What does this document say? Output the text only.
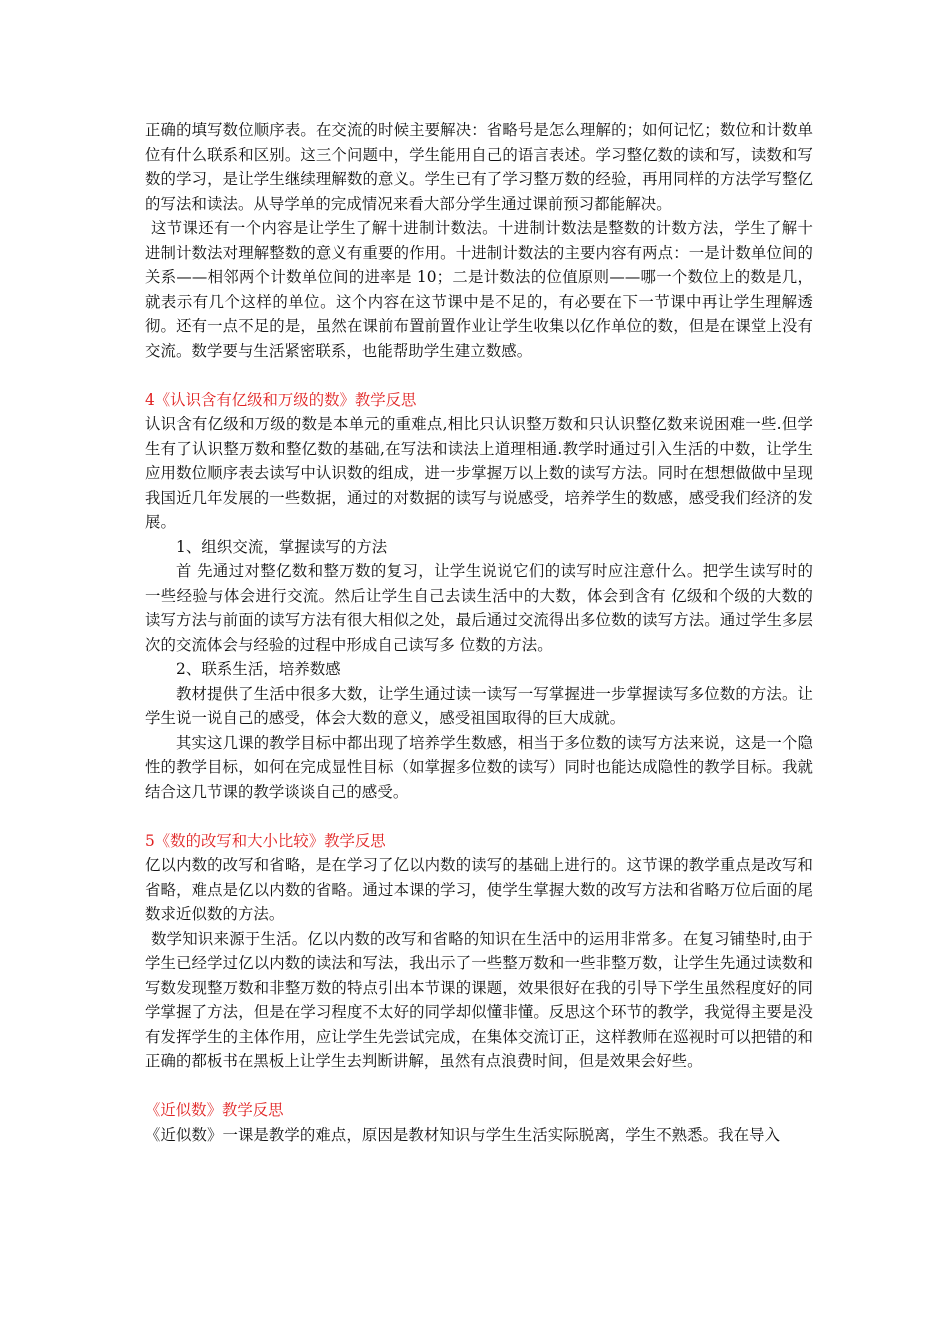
正确的填写数位顺序表。在交流的时候主要解决：省略号是怎么理解的；如何记忆；数位和计数单位有什么联系和区别。这三个问题中，学生能用自己的语言表述。学习整亿数的读和写，读数和写数的学习，是让学生继续理解数的意义。学生已有了学习整万数的经验，再用同样的方法学写整亿的写法和读法。从导学单的完成情况来看大部分学生通过课前预习都能解决。

这节课还有一个内容是让学生了解十进制计数法。十进制计数法是整数的计数方法，学生了解十进制计数法对理解整数的意义有重要的作用。十进制计数法的主要内容有两点：一是计数单位间的关系——相邻两个计数单位间的进率是 10；二是计数法的位值原则——哪一个数位上的数是几，就表示有几个这样的单位。这个内容在这节课中是不足的，有必要在下一节课中再让学生理解透彻。还有一点不足的是，虽然在课前布置前置作业让学生收集以亿作单位的数，但是在课堂上没有交流。数学要与生活紧密联系，也能帮助学生建立数感。

4《认识含有亿级和万级的数》教学反思

认识含有亿级和万级的数是本单元的重难点,相比只认识整万数和只认识整亿数来说困难一些.但学生有了认识整万数和整亿数的基础,在写法和读法上道理相通.教学时通过引入生活的中数，让学生应用数位顺序表去读写中认识数的组成，进一步掌握万以上数的读写方法。同时在想想做做中呈现我国近几年发展的一些数据，通过的对数据的读写与说感受，培养学生的数感，感受我们经济的发展。

1、组织交流，掌握读写的方法

首 先通过对整亿数和整万数的复习，让学生说说它们的读写时应注意什么。把学生读写时的一些经验与体会进行交流。然后让学生自己去读生活中的大数，体会到含有 亿级和个级的大数的读写方法与前面的读写方法有很大相似之处，最后通过交流得出多位数的读写方法。通过学生多层次的交流体会与经验的过程中形成自己读写多 位数的方法。

2、联系生活，培养数感

教材提供了生活中很多大数，让学生通过读一读写一写掌握进一步掌握读写多位数的方法。让学生说一说自己的感受，体会大数的意义，感受祖国取得的巨大成就。

其实这几课的教学目标中都出现了培养学生数感，相当于多位数的读写方法来说，这是一个隐性的教学目标，如何在完成显性目标（如掌握多位数的读写）同时也能达成隐性的教学目标。我就结合这几节课的教学谈谈自己的感受。

5《数的改写和大小比较》教学反思

亿以内数的改写和省略，是在学习了亿以内数的读写的基础上进行的。这节课的教学重点是改写和省略，难点是亿以内数的省略。通过本课的学习，使学生掌握大数的改写方法和省略万位后面的尾数求近似数的方法。

数学知识来源于生活。亿以内数的改写和省略的知识在生活中的运用非常多。在复习铺垫时,由于学生已经学过亿以内数的读法和写法，我出示了一些整万数和一些非整万数，让学生先通过读数和写数发现整万数和非整万数的特点引出本节课的课题，效果很好在我的引导下学生虽然程度好的同学掌握了方法，但是在学习程度不太好的同学却似懂非懂。反思这个环节的教学，我觉得主要是没有发挥学生的主体作用，应让学生先尝试完成，在集体交流订正，这样教师在巡视时可以把错的和正确的都板书在黑板上让学生去判断讲解，虽然有点浪费时间，但是效果会好些。

《近似数》教学反思

《近似数》一课是教学的难点，原因是教材知识与学生生活实际脱离，学生不熟悉。我在导入
